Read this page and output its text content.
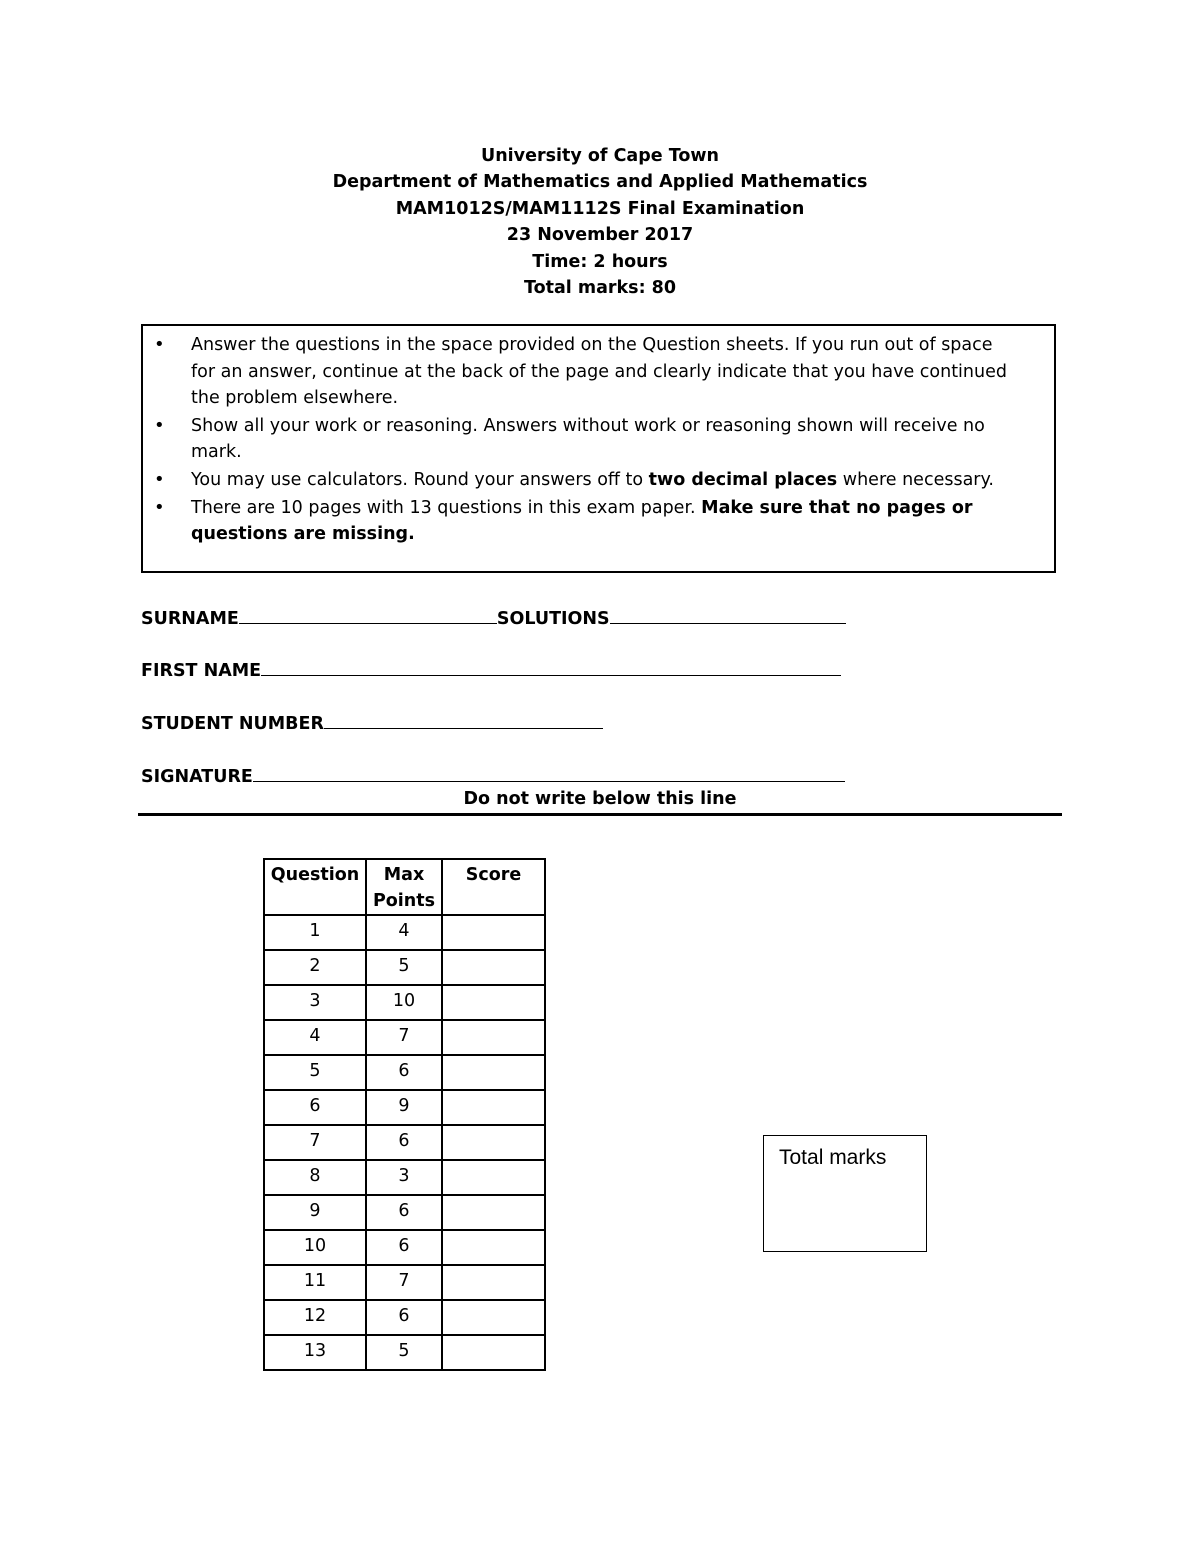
University of Cape Town
Department of Mathematics and Applied Mathematics
MAM1012S/MAM1112S Final Examination
23 November 2017
Time: 2 hours
Total marks: 80
• Answer the questions in the space provided on the Question sheets. If you run out of space for an answer, continue at the back of the page and clearly indicate that you have continued the problem elsewhere.
• Show all your work or reasoning. Answers without work or reasoning shown will receive no mark.
• You may use calculators. Round your answers off to two decimal places where necessary.
• There are 10 pages with 13 questions in this exam paper. Make sure that no pages or questions are missing.
SURNAME	SOLUTIONS
FIRST NAME
STUDENT NUMBER
SIGNATURE
Do not write below this line
Question	Max Points	Score
1	4	
2	5	
3	10	
4	7	
5	6	
6	9	
7	6	
8	3	
9	6	
10	6	
11	7	
12	6	
13	5	
Total marks
